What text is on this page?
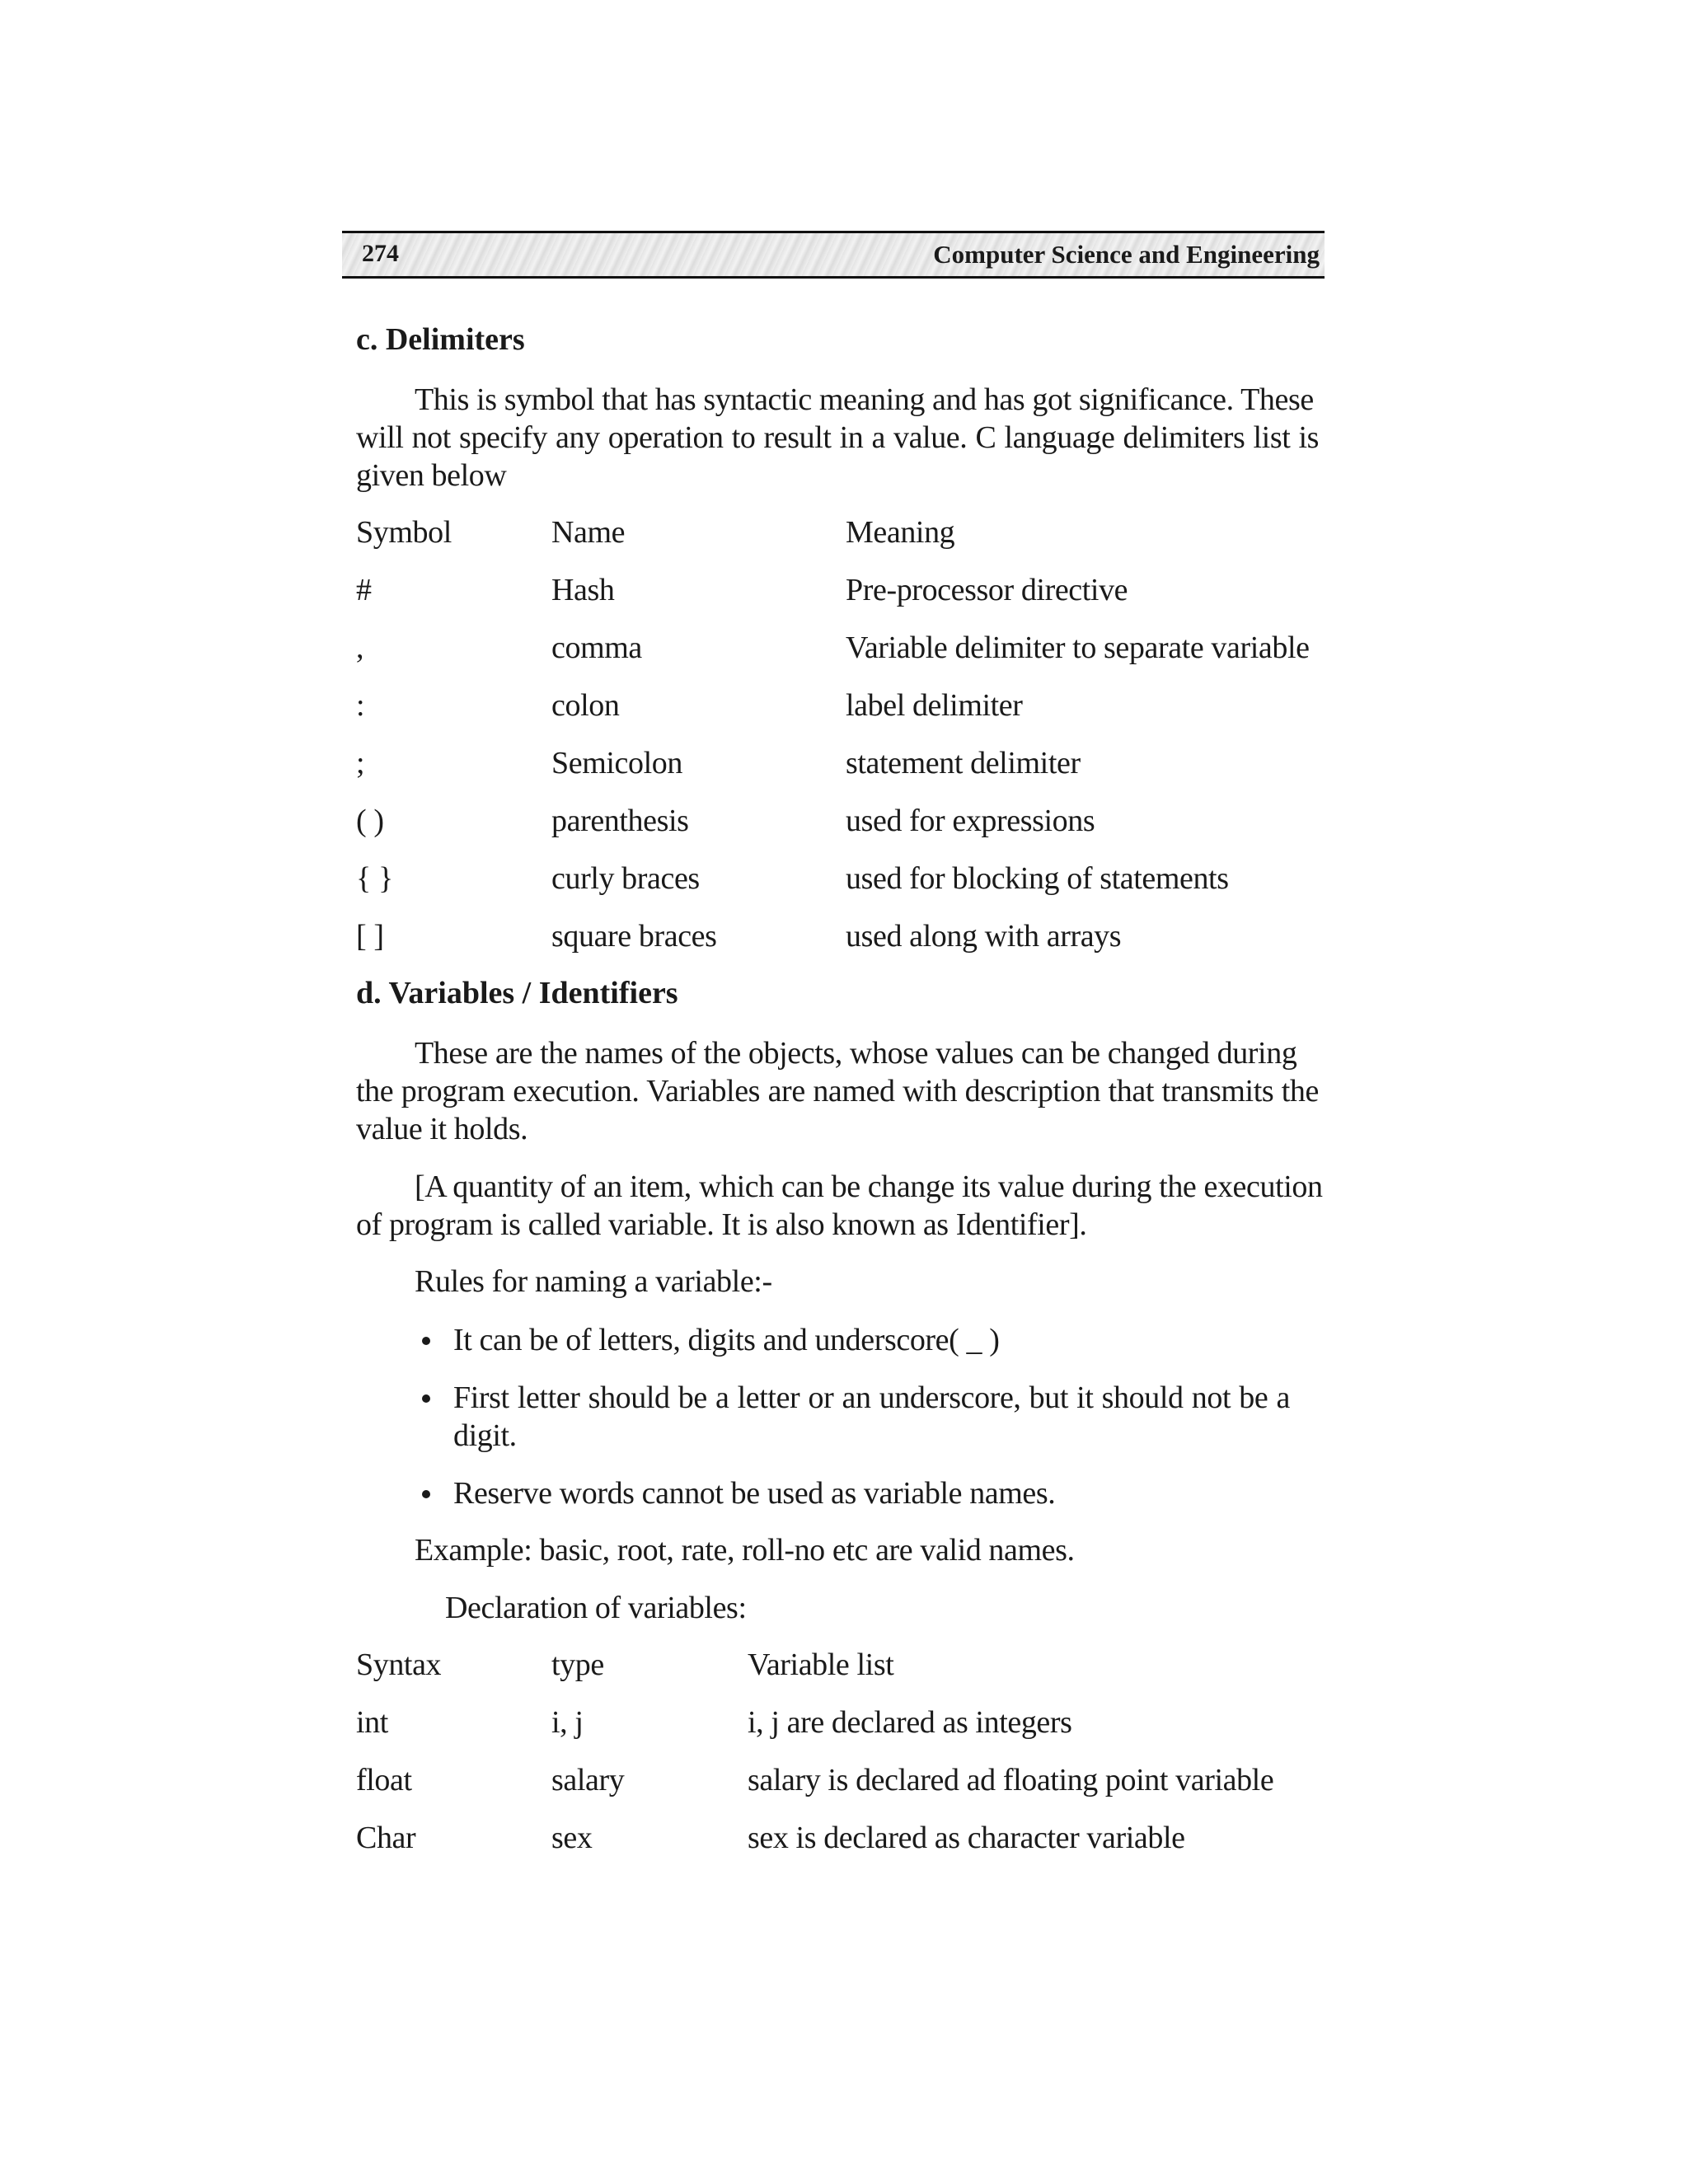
274	Computer Science and Engineering
c. Delimiters
This is symbol that has syntactic meaning and has got significance. These
will not specify any operation to result in a value. C language delimiters list is given below
Symbol	Name	Meaning
#	Hash	Pre-processor directive
,	comma	Variable delimiter to separate variable
:	colon	label delimiter
;	Semicolon	statement delimiter
( )	parenthesis	used for expressions
{ }	curly braces	used for blocking of statements
[ ]	square braces	used along with arrays
d. Variables / Identifiers
These are the names of the objects, whose values can be changed during
the program execution. Variables are named with description that transmits the value it holds.
[A quantity of an item, which can be change its value during the execution
of program is called variable. It is also known as Identifier].
Rules for naming a variable:-
It can be of letters, digits and underscore( _ )
First letter should be a letter or an underscore, but it should not be a digit.
Reserve words cannot be used as variable names.
Example: basic, root, rate, roll-no etc are valid names.
Declaration of variables:
Syntax	type	Variable list
int	i, j	i, j are declared as integers
float	salary	salary is declared ad floating point variable
Char	sex	sex is declared as character variable
